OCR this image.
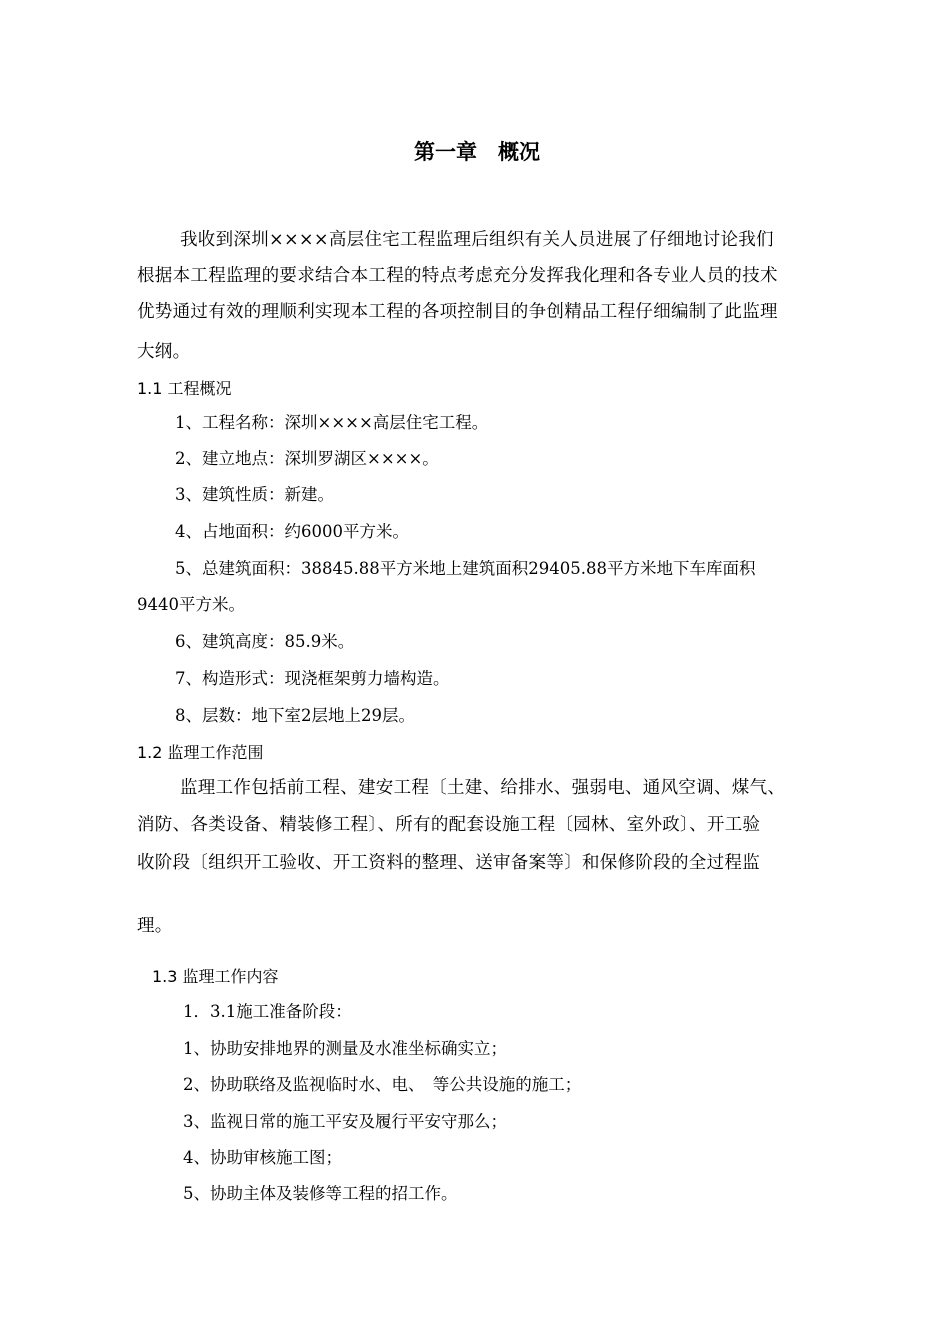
第一章　概况
我收到深圳××××高层住宅工程监理后组织有关人员进展了仔细地讨论我们
根据本工程监理的要求结合本工程的特点考虑充分发挥我化理和各专业人员的技术
优势通过有效的理顺利实现本工程的各项控制目的争创精品工程仔细编制了此监理
大纲。
1.1 工程概况
1、工程名称：深圳××××高层住宅工程。
2、建立地点：深圳罗湖区××××。
3、建筑性质：新建。
4、占地面积：约6000平方米。
5、总建筑面积：38845.88平方米地上建筑面积29405.88平方米地下车库面积
9440平方米。
6、建筑高度：85.9米。
7、构造形式：现浇框架剪力墙构造。
8、层数：地下室2层地上29层。
1.2 监理工作范围
监理工作包括前工程、建安工程〔土建、给排水、强弱电、通风空调、煤气、
消防、各类设备、精装修工程〕、所有的配套设施工程〔园林、室外政〕、开工验
收阶段〔组织开工验收、开工资料的整理、送审备案等〕和保修阶段的全过程监
理。
1.3 监理工作内容
1．3.1施工准备阶段：
1、协助安排地界的测量及水准坐标确实立；
2、协助联络及监视临时水、电、　等公共设施的施工；
3、监视日常的施工平安及履行平安守那么；
4、协助审核施工图；
5、协助主体及装修等工程的招工作。
